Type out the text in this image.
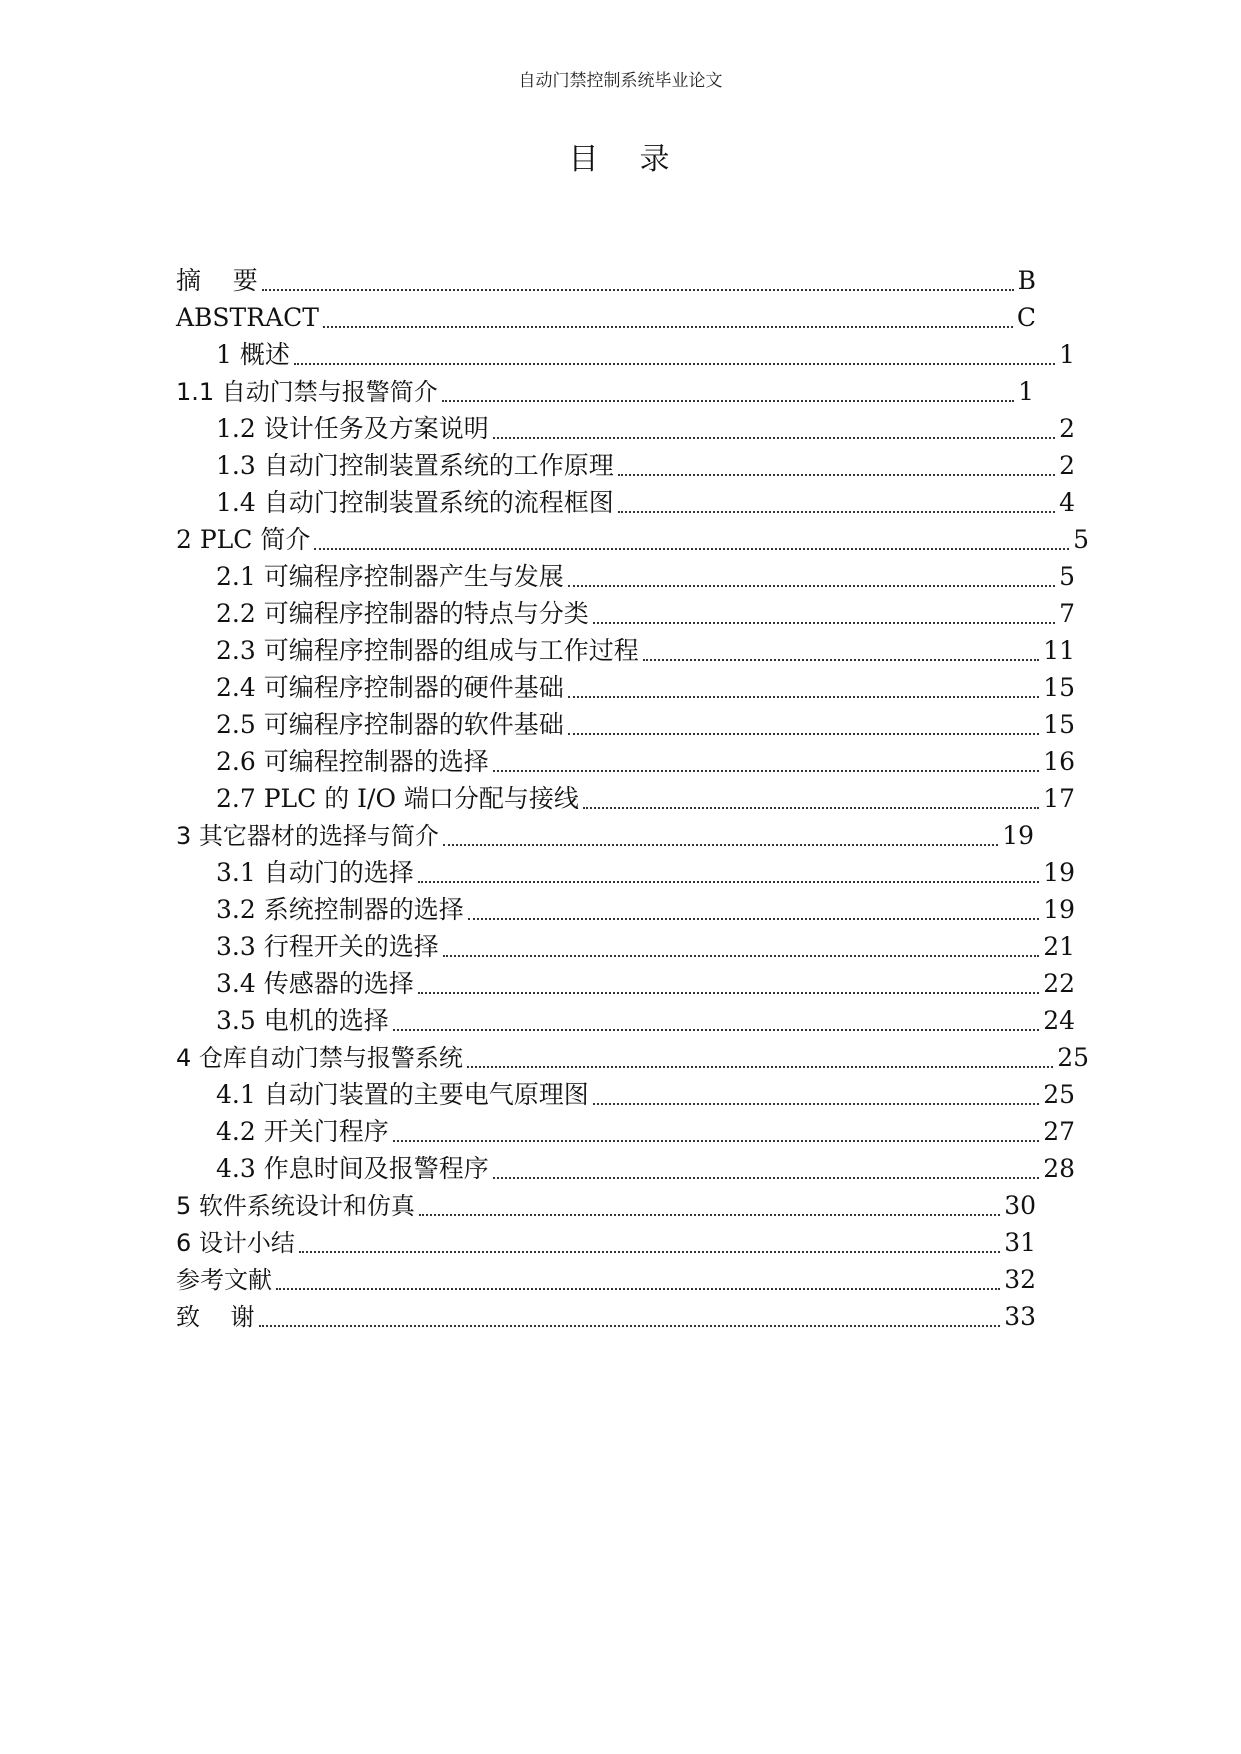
自动门禁控制系统毕业论文
目 录
摘    要	B
ABSTRACT	C
1 概述	1
1.1 自动门禁与报警简介	1
1.2 设计任务及方案说明	2
1.3 自动门控制装置系统的工作原理	2
1.4 自动门控制装置系统的流程框图	4
2 PLC 简介	5
2.1 可编程序控制器产生与发展	5
2.2 可编程序控制器的特点与分类	7
2.3 可编程序控制器的组成与工作过程	11
2.4 可编程序控制器的硬件基础	15
2.5 可编程序控制器的软件基础	15
2.6 可编程控制器的选择	16
2.7 PLC 的 I/O 端口分配与接线	17
3 其它器材的选择与简介	19
3.1 自动门的选择	19
3.2 系统控制器的选择	19
3.3 行程开关的选择	21
3.4 传感器的选择	22
3.5 电机的选择	24
4 仓库自动门禁与报警系统	25
4.1 自动门装置的主要电气原理图	25
4.2 开关门程序	27
4.3 作息时间及报警程序	28
5 软件系统设计和仿真	30
6 设计小结	31
参考文献	32
致    谢	33
